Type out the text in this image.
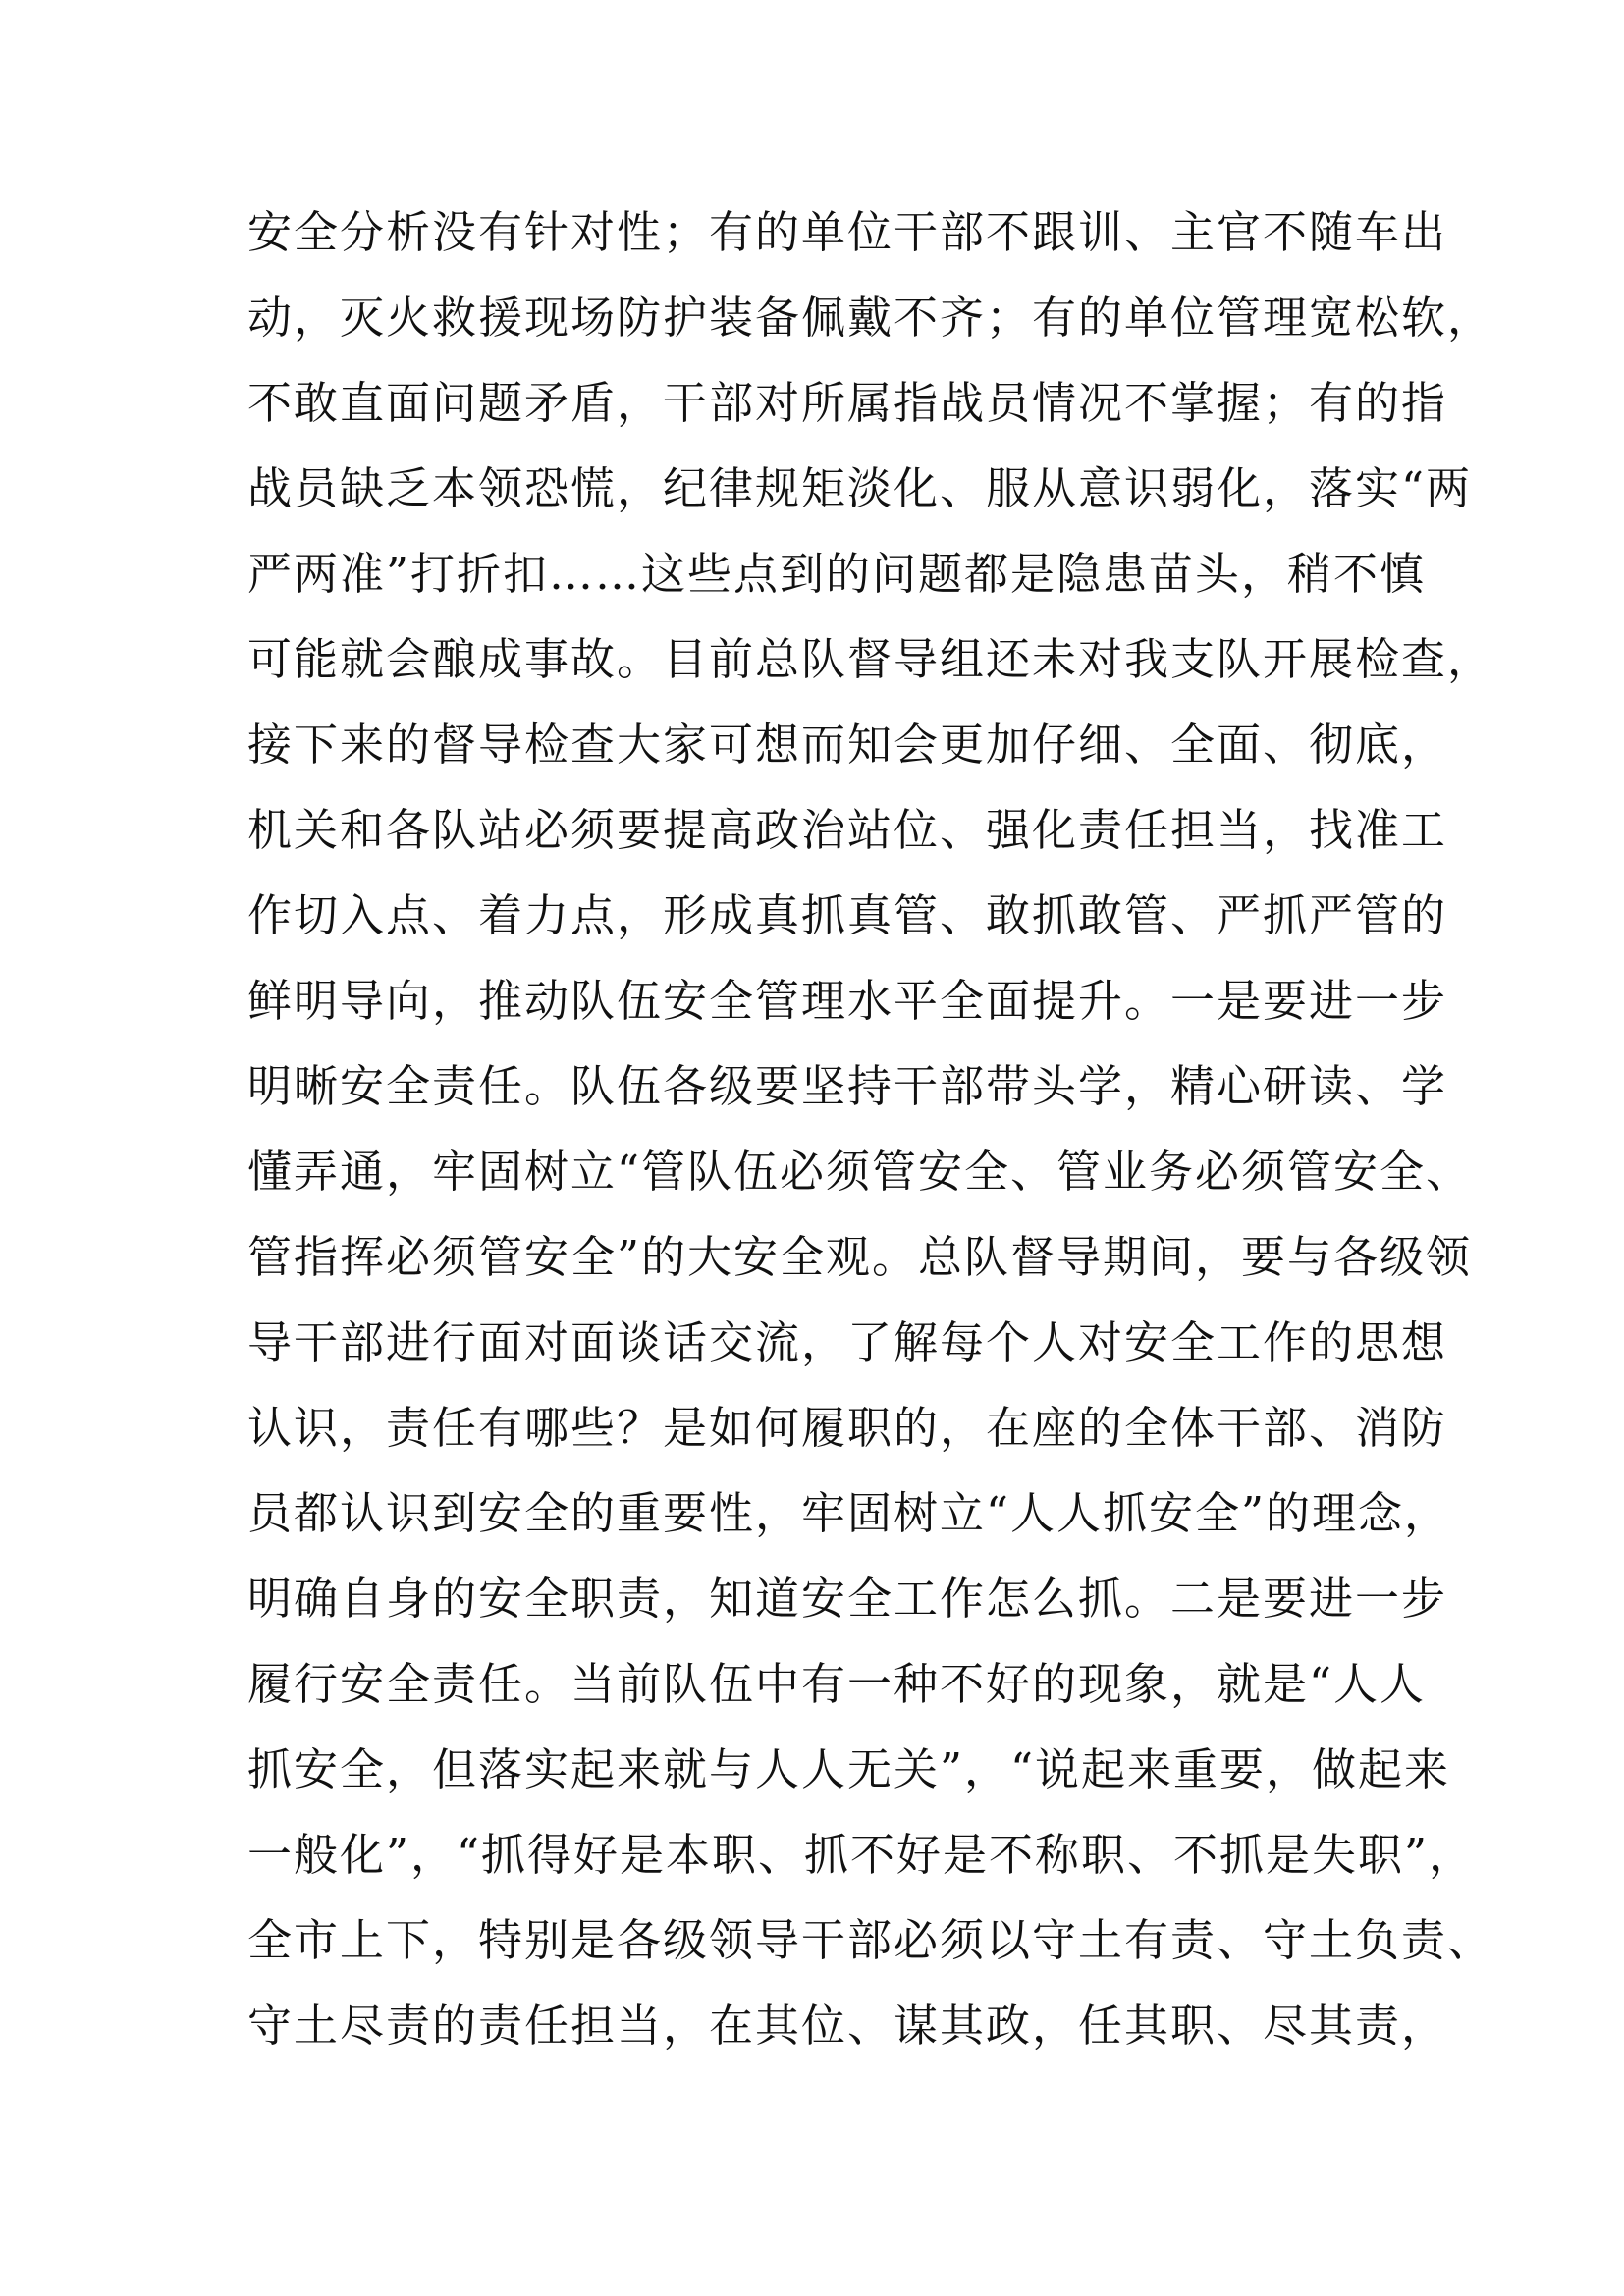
安全分析没有针对性；有的单位干部不跟训、主官不随车出
动，灭火救援现场防护装备佩戴不齐；有的单位管理宽松软，
不敢直面问题矛盾，干部对所属指战员情况不掌握；有的指
战员缺乏本领恐慌，纪律规矩淡化、服从意识弱化，落实“两
严两准”打折扣……这些点到的问题都是隐患苗头，稍不慎
可能就会酿成事故。目前总队督导组还未对我支队开展检查，
接下来的督导检查大家可想而知会更加仔细、全面、彻底，
机关和各队站必须要提高政治站位、强化责任担当，找准工
作切入点、着力点，形成真抓真管、敢抓敢管、严抓严管的
鲜明导向，推动队伍安全管理水平全面提升。一是要进一步
明晰安全责任。队伍各级要坚持干部带头学，精心研读、学
懂弄通，牢固树立“管队伍必须管安全、管业务必须管安全、
管指挥必须管安全”的大安全观。总队督导期间，要与各级领
导干部进行面对面谈话交流，了解每个人对安全工作的思想
认识，责任有哪些？是如何履职的，在座的全体干部、消防
员都认识到安全的重要性，牢固树立“人人抓安全”的理念，
明确自身的安全职责，知道安全工作怎么抓。二是要进一步
履行安全责任。当前队伍中有一种不好的现象，就是“人人
抓安全，但落实起来就与人人无关”，“说起来重要，做起来
一般化”，“抓得好是本职、抓不好是不称职、不抓是失职”，
全市上下，特别是各级领导干部必须以守土有责、守土负责、
守土尽责的责任担当，在其位、谋其政，任其职、尽其责，
